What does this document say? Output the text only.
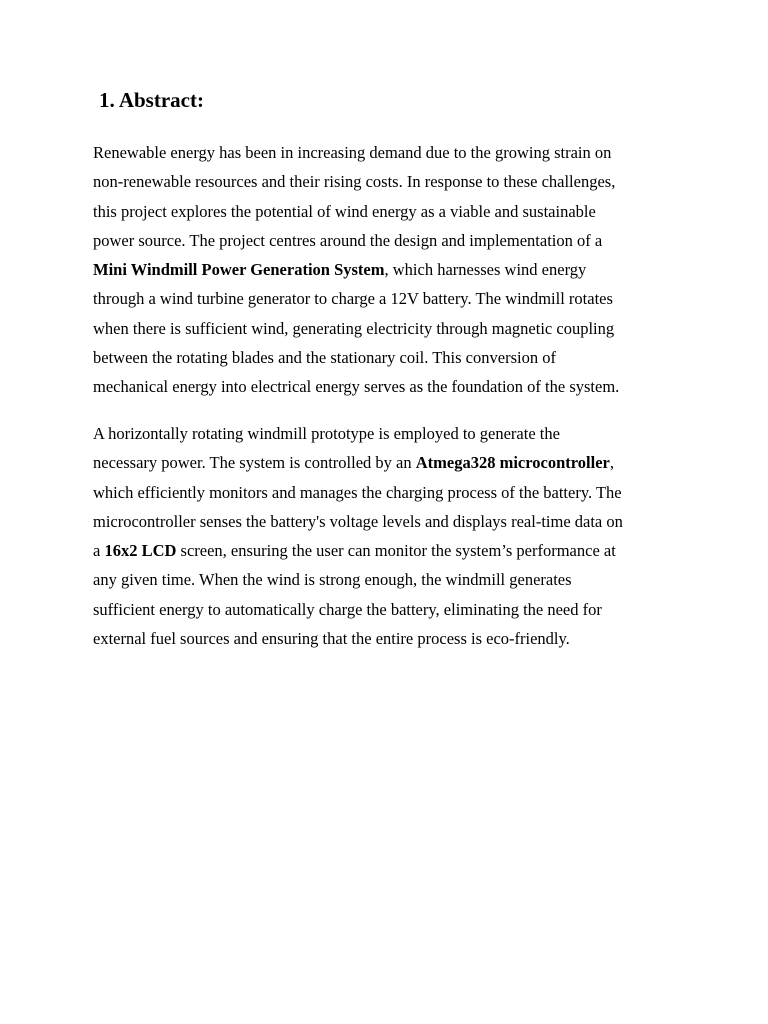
1. Abstract:

Renewable energy has been in increasing demand due to the growing strain on
non-renewable resources and their rising costs. In response to these challenges,
this project explores the potential of wind energy as a viable and sustainable
power source. The project centres around the design and implementation of a
Mini Windmill Power Generation System, which harnesses wind energy
through a wind turbine generator to charge a 12V battery. The windmill rotates
when there is sufficient wind, generating electricity through magnetic coupling
between the rotating blades and the stationary coil. This conversion of
mechanical energy into electrical energy serves as the foundation of the system.

A horizontally rotating windmill prototype is employed to generate the
necessary power. The system is controlled by an Atmega328 microcontroller,
which efficiently monitors and manages the charging process of the battery. The
microcontroller senses the battery's voltage levels and displays real-time data on
a 16x2 LCD screen, ensuring the user can monitor the system’s performance at
any given time. When the wind is strong enough, the windmill generates
sufficient energy to automatically charge the battery, eliminating the need for
external fuel sources and ensuring that the entire process is eco-friendly.
